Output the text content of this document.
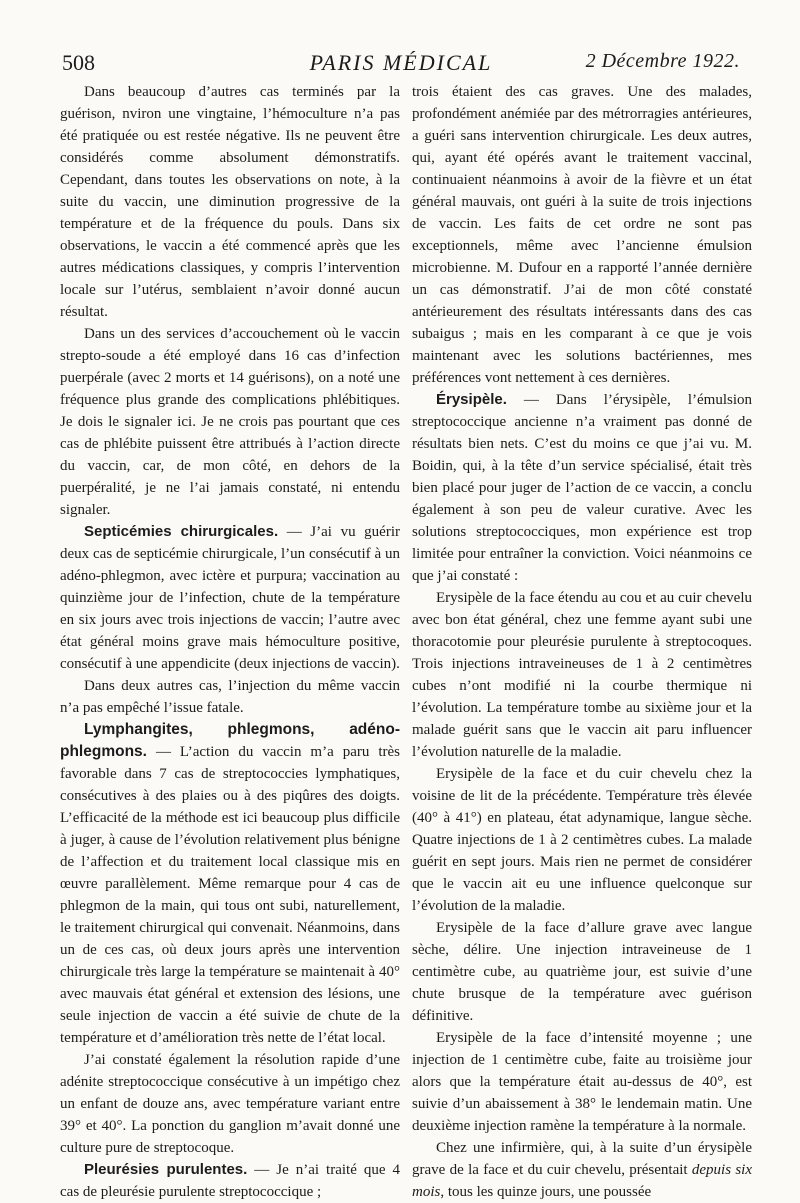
508	PARIS MÉDICAL	2 Décembre 1922.

Dans beaucoup d’autres cas terminés par la guérison, nviron une vingtaine, l’hémoculture n’a pas été pratiquée ou est restée négative. Ils ne peuvent être considérés comme absolument démonstratifs. Cependant, dans toutes les observations on note, à la suite du vaccin, une diminution progressive de la température et de la fréquence du pouls. Dans six observations, le vaccin a été commencé après que les autres médications classiques, y compris l’intervention locale sur l’utérus, semblaient n’avoir donné aucun résultat.

Dans un des services d’accouchement où le vaccin strepto-soude a été employé dans 16 cas d’infection puerpérale (avec 2 morts et 14 guérisons), on a noté une fréquence plus grande des complications phlébitiques. Je dois le signaler ici. Je ne crois pas pourtant que ces cas de phlébite puissent être attribués à l’action directe du vaccin, car, de mon côté, en dehors de la puerpéralité, je ne l’ai jamais constaté, ni entendu signaler.

Septicémies chirurgicales. — J’ai vu guérir deux cas de septicémie chirurgicale, l’un consécutif à un adéno-phlegmon, avec ictère et purpura; vaccination au quinzième jour de l’infection, chute de la température en six jours avec trois injections de vaccin; l’autre avec état général moins grave mais hémoculture positive, consécutif à une appendicite (deux injections de vaccin).

Dans deux autres cas, l’injection du même vaccin n’a pas empêché l’issue fatale.

Lymphangites, phlegmons, adéno-phlegmons. — L’action du vaccin m’a paru très favorable dans 7 cas de streptococcies lymphatiques, consécutives à des plaies ou à des piqûres des doigts. L’efficacité de la méthode est ici beaucoup plus difficile à juger, à cause de l’évolution relativement plus bénigne de l’affection et du traitement local classique mis en œuvre parallèlement. Même remarque pour 4 cas de phlegmon de la main, qui tous ont subi, naturellement, le traitement chirurgical qui convenait. Néanmoins, dans un de ces cas, où deux jours après une intervention chirurgicale très large la température se maintenait à 40° avec mauvais état général et extension des lésions, une seule injection de vaccin a été suivie de chute de la température et d’amélioration très nette de l’état local.

J’ai constaté également la résolution rapide d’une adénite streptococcique consécutive à un impétigo chez un enfant de douze ans, avec température variant entre 39° et 40°. La ponction du ganglion m’avait donné une culture pure de streptocoque.

Pleurésies purulentes. — Je n’ai traité que 4 cas de pleurésie purulente streptococcique ;

trois étaient des cas graves. Une des malades, profondément anémiée par des métrorragies antérieures, a guéri sans intervention chirurgicale. Les deux autres, qui, ayant été opérés avant le traitement vaccinal, continuaient néanmoins à avoir de la fièvre et un état général mauvais, ont guéri à la suite de trois injections de vaccin. Les faits de cet ordre ne sont pas exceptionnels, même avec l’ancienne émulsion microbienne. M. Dufour en a rapporté l’année dernière un cas démonstratif. J’ai de mon côté constaté antérieurement des résultats intéressants dans des cas subaigus ; mais en les comparant à ce que je vois maintenant avec les solutions bactériennes, mes préférences vont nettement à ces dernières.

Érysipèle. — Dans l’érysipèle, l’émulsion streptococcique ancienne n’a vraiment pas donné de résultats bien nets. C’est du moins ce que j’ai vu. M. Boidin, qui, à la tête d’un service spécialisé, était très bien placé pour juger de l’action de ce vaccin, a conclu également à son peu de valeur curative. Avec les solutions streptococciques, mon expérience est trop limitée pour entraîner la conviction. Voici néanmoins ce que j’ai constaté :

Erysipèle de la face étendu au cou et au cuir chevelu avec bon état général, chez une femme ayant subi une thoracotomie pour pleurésie purulente à streptocoques. Trois injections intraveineuses de 1 à 2 centimètres cubes n’ont modifié ni la courbe thermique ni l’évolution. La température tombe au sixième jour et la malade guérit sans que le vaccin ait paru influencer l’évolution naturelle de la maladie.

Erysipèle de la face et du cuir chevelu chez la voisine de lit de la précédente. Température très élevée (40° à 41°) en plateau, état adynamique, langue sèche. Quatre injections de 1 à 2 centimètres cubes. La malade guérit en sept jours. Mais rien ne permet de considérer que le vaccin ait eu une influence quelconque sur l’évolution de la maladie.

Erysipèle de la face d’allure grave avec langue sèche, délire. Une injection intraveineuse de 1 centimètre cube, au quatrième jour, est suivie d’une chute brusque de la température avec guérison définitive.

Erysipèle de la face d’intensité moyenne ; une injection de 1 centimètre cube, faite au troisième jour alors que la température était au-dessus de 40°, est suivie d’un abaissement à 38° le lendemain matin. Une deuxième injection ramène la température à la normale.

Chez une infirmière, qui, à la suite d’un érysipèle grave de la face et du cuir chevelu, présentait depuis six mois, tous les quinze jours, une poussée
